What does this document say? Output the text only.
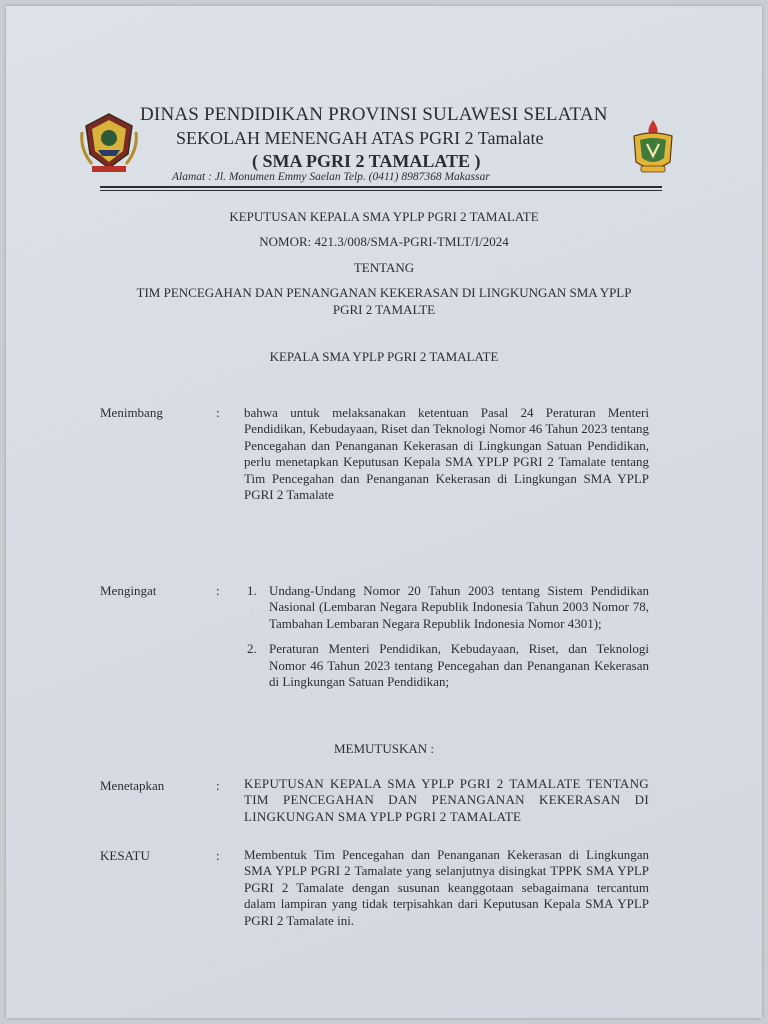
DINAS PENDIDIKAN PROVINSI SULAWESI SELATAN
SEKOLAH MENENGAH ATAS PGRI 2 Tamalate
( SMA PGRI 2 TAMALATE )
Alamat : Jl. Monumen Emmy Saelan Telp. (0411) 8987368 Makassar
KEPUTUSAN KEPALA SMA YPLP PGRI 2 TAMALATE
NOMOR: 421.3/008/SMA-PGRI-TMLT/I/2024
TENTANG
TIM PENCEGAHAN DAN PENANGANAN KEKERASAN DI LINGKUNGAN SMA YPLP
PGRI 2 TAMALTE
KEPALA SMA YPLP PGRI 2 TAMALATE
Menimbang	: bahwa untuk melaksanakan ketentuan Pasal 24 Peraturan Menteri Pendidikan, Kebudayaan, Riset dan Teknologi Nomor 46 Tahun 2023 tentang Pencegahan dan Penanganan Kekerasan di Lingkungan Satuan Pendidikan, perlu menetapkan Keputusan Kepala SMA YPLP PGRI 2 Tamalate tentang Tim Pencegahan dan Penanganan Kekerasan di Lingkungan SMA YPLP PGRI 2 Tamalate
Mengingat	: 1. Undang-Undang Nomor 20 Tahun 2003 tentang Sistem Pendidikan Nasional (Lembaran Negara Republik Indonesia Tahun 2003 Nomor 78, Tambahan Lembaran Negara Republik Indonesia Nomor 4301);
2. Peraturan Menteri Pendidikan, Kebudayaan, Riset, dan Teknologi Nomor 46 Tahun 2023 tentang Pencegahan dan Penanganan Kekerasan di Lingkungan Satuan Pendidikan;
MEMUTUSKAN :
Menetapkan	: KEPUTUSAN KEPALA SMA YPLP PGRI 2 TAMALATE TENTANG TIM PENCEGAHAN DAN PENANGANAN KEKERASAN DI LINGKUNGAN SMA YPLP PGRI 2 TAMALATE
KESATU	: Membentuk Tim Pencegahan dan Penanganan Kekerasan di Lingkungan SMA YPLP PGRI 2 Tamalate yang selanjutnya disingkat TPPK SMA YPLP PGRI 2 Tamalate dengan susunan keanggotaan sebagaimana tercantum dalam lampiran yang tidak terpisahkan dari Keputusan Kepala SMA YPLP PGRI 2 Tamalate ini.
